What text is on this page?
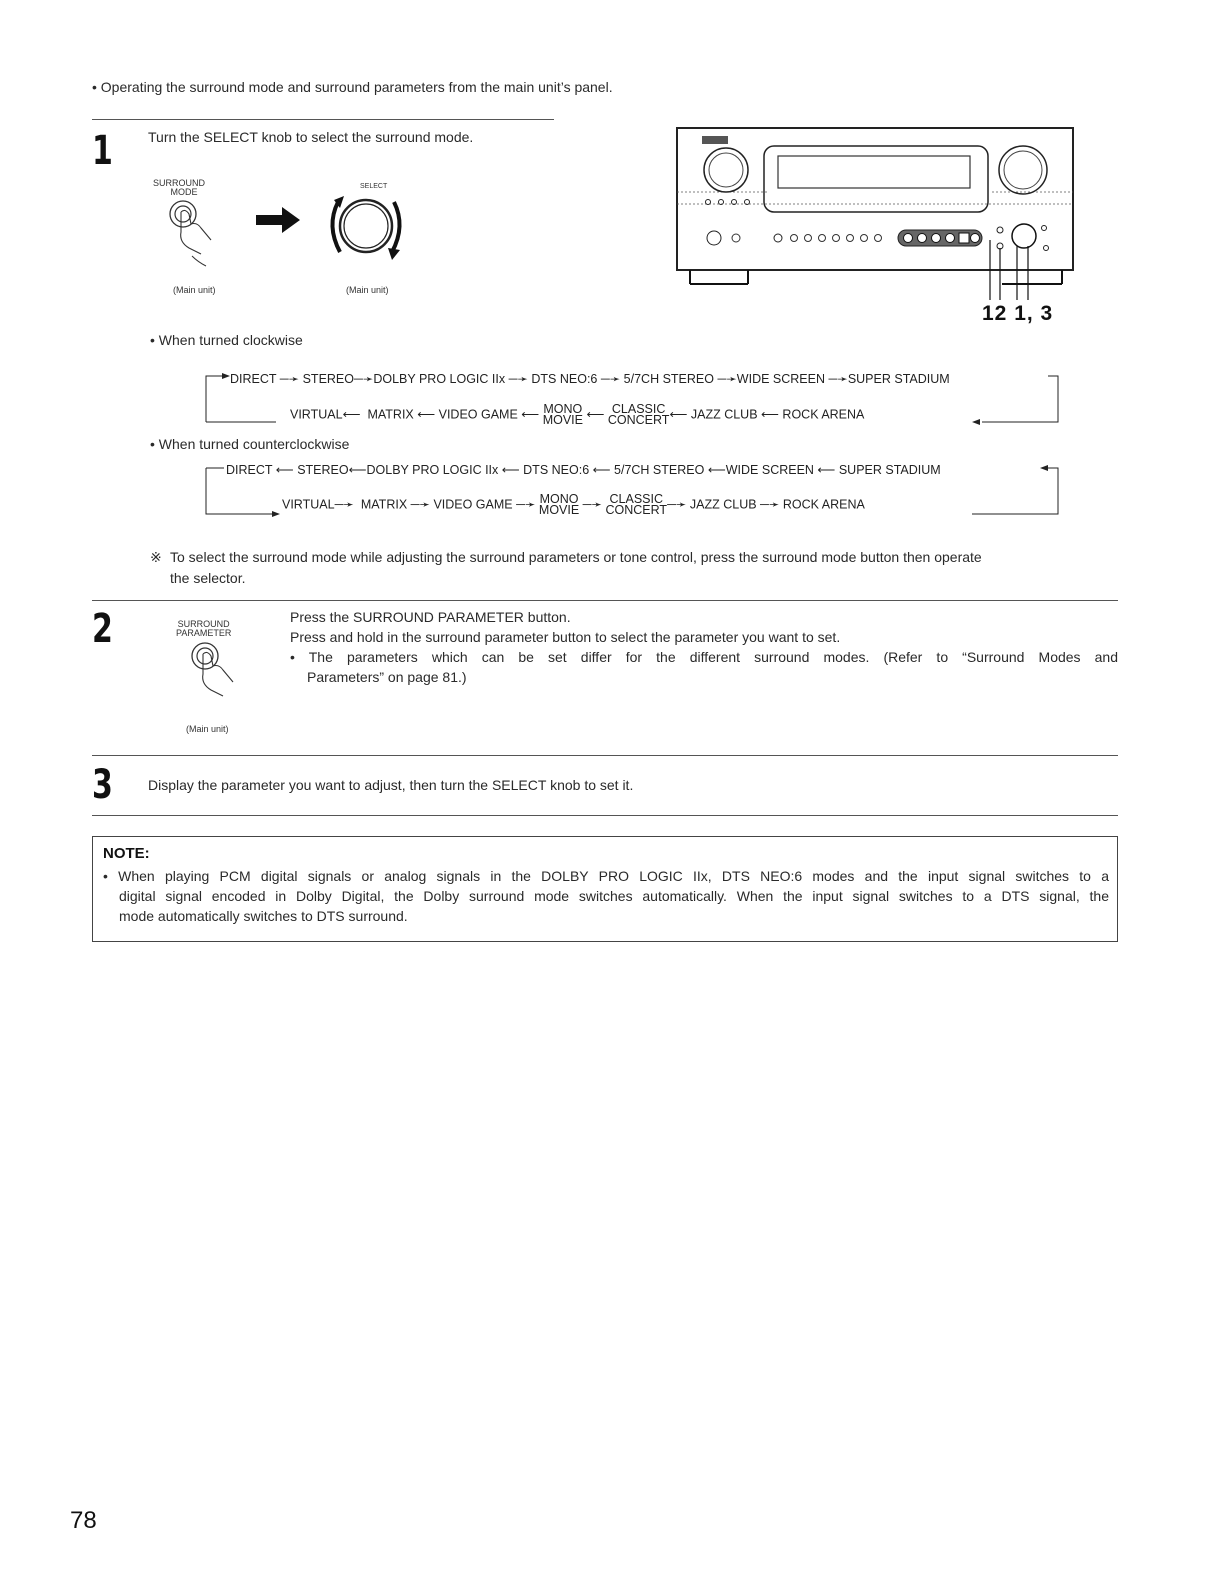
• Operating the surround mode and surround parameters from the main unit’s panel.
1	Turn the SELECT knob to select the surround mode.
SURROUND
MODE
SELECT
(Main unit)	(Main unit)
12 1, 3
• When turned clockwise
DIRECT ─➛ STEREO─➛DOLBY PRO LOGIC IIx ─➛ DTS NEO:6 ─➛ 5/7CH STEREO ─➛WIDE SCREEN ─➛SUPER STADIUM
VIRTUAL⟵  MATRIX ⟵ VIDEO GAME ⟵ MONO
MOVIE ⟵ CLASSIC
CONCERT⟵ JAZZ CLUB ⟵ ROCK ARENA
• When turned counterclockwise
DIRECT ⟵ STEREO⟵DOLBY PRO LOGIC IIx ⟵ DTS NEO:6 ⟵ 5/7CH STEREO ⟵WIDE SCREEN ⟵ SUPER STADIUM
VIRTUAL─➛  MATRIX ─➛ VIDEO GAME ─➛ MONO
MOVIE ─➛ CLASSIC
CONCERT─➛ JAZZ CLUB ─➛ ROCK ARENA
※ To select the surround mode while adjusting the surround parameters or tone control, press the surround mode button then operate
the selector.
2	SURROUND
PARAMETER
(Main unit)
Press the SURROUND PARAMETER button.
Press and hold in the surround parameter button to select the parameter you want to set.
• The parameters which can be set differ for the different surround modes. (Refer to “Surround Modes and
Parameters” on page 81.)
3	Display the parameter you want to adjust, then turn the SELECT knob to set it.
NOTE:
• When playing PCM digital signals or analog signals in the DOLBY PRO LOGIC IIx, DTS NEO:6 modes and the input signal switches to a
digital signal encoded in Dolby Digital, the Dolby surround mode switches automatically. When the input signal switches to a DTS signal, the
mode automatically switches to DTS surround.
78
